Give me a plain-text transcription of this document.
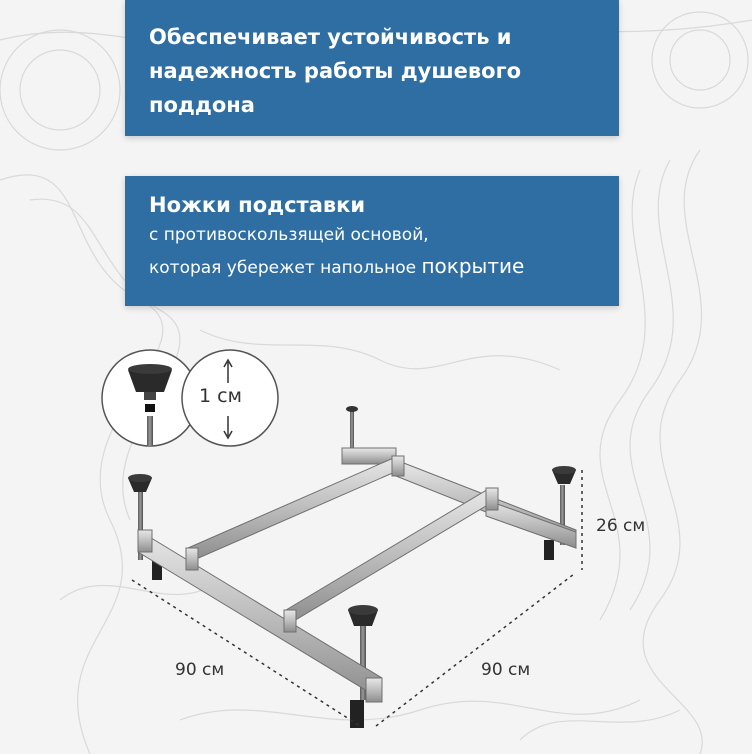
Обеспечивает устойчивость и надежность работы душевого поддона
Ножки подставки
с противоскользящей основой,
которая убережет напольное покрытие
1 см
26 см
90 см	90 см
